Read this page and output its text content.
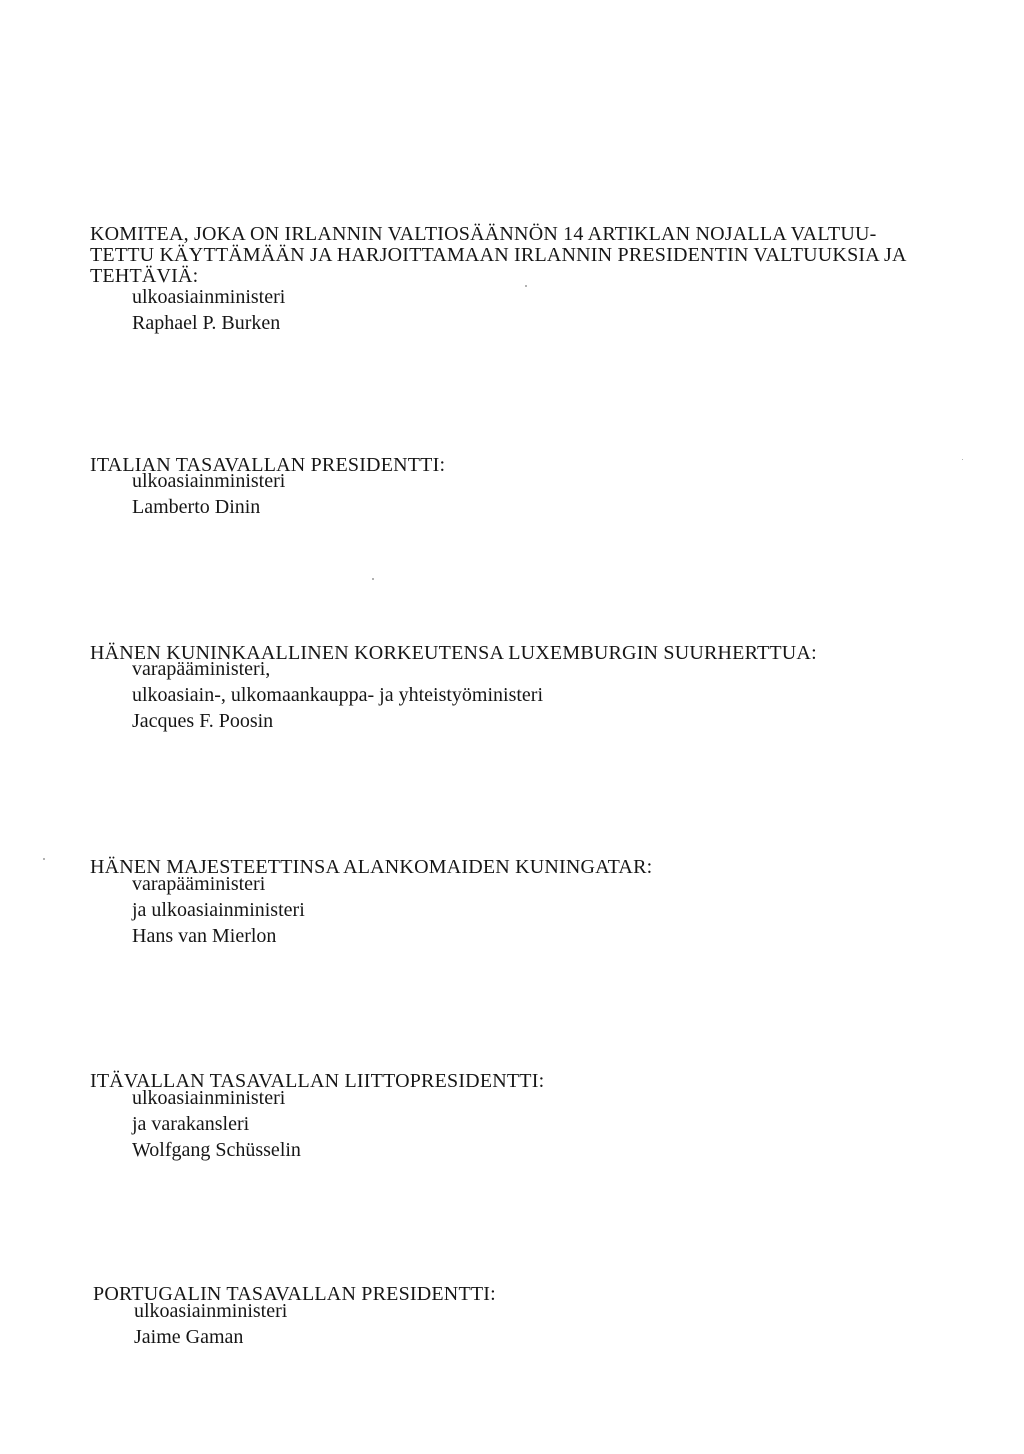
KOMITEA, JOKA ON IRLANNIN VALTIOSÄÄNNÖN 14 ARTIKLAN NOJALLA VALTUU-
TETTU KÄYTTÄMÄÄN JA HARJOITTAMAAN IRLANNIN PRESIDENTIN VALTUUKSIA JA
TEHTÄVIÄ:

ulkoasiainministeri
Raphael P. Burken

ITALIAN TASAVALLAN PRESIDENTTI:

ulkoasiainministeri
Lamberto Dinin

HÄNEN KUNINKAALLINEN KORKEUTENSA LUXEMBURGIN SUURHERTTUA:

varapääministeri,
ulkoasiain-, ulkomaankauppa- ja yhteistyöministeri
Jacques F. Poosin

HÄNEN MAJESTEETTINSA ALANKOMAIDEN KUNINGATAR:

varapääministeri
ja ulkoasiainministeri
Hans van Mierlon

ITÄVALLAN TASAVALLAN LIITTOPRESIDENTTI:

ulkoasiainministeri
ja varakansleri
Wolfgang Schüsselin

PORTUGALIN TASAVALLAN PRESIDENTTI:

ulkoasiainministeri
Jaime Gaman
